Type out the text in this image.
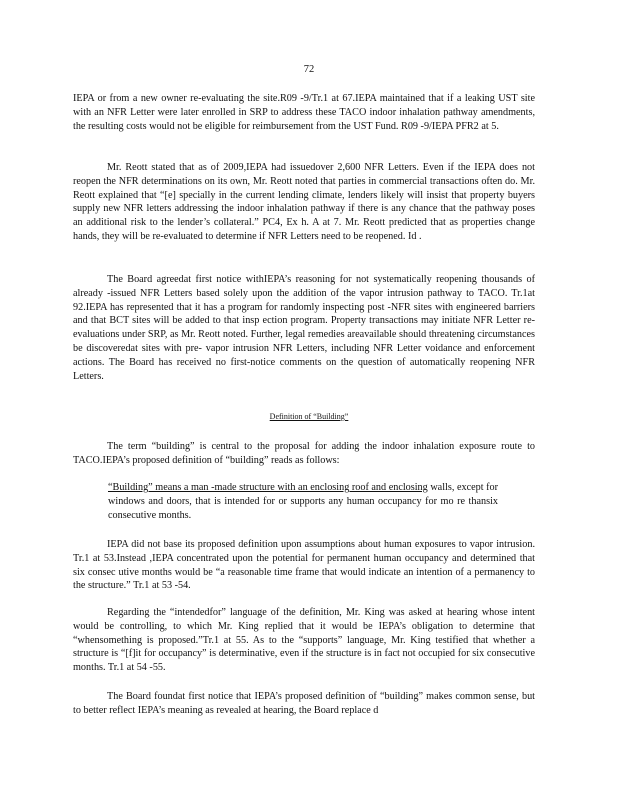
72
IEPA or from a new owner re-evaluating the site.R09 -9/Tr.1 at 67.IEPA maintained that if a leaking UST site with an NFR Letter were later enrolled in SRP to address these TACO indoor inhalation pathway amendments, the resulting costs would not be eligible for reimbursement from the UST Fund. R09 -9/IEPA PFR2 at 5.
Mr. Reott stated that as of 2009,IEPA had issuedover 2,600 NFR Letters. Even if the IEPA does not reopen the NFR determinations on its own, Mr. Reott noted that parties in commercial transactions often do. Mr. Reott explained that “[e] specially in the current lending climate, lenders likely will insist that property buyers supply new NFR letters addressing the indoor inhalation pathway if there is any chance that the pathway poses an additional risk to the lender’s collateral.” PC4, Ex h. A at 7. Mr. Reott predicted that as properties change hands, they will be re-evaluated to determine if NFR Letters need to be reopened. Id .
The Board agreedat first notice withIEPA’s reasoning for not systematically reopening thousands of already -issued NFR Letters based solely upon the addition of the vapor intrusion pathway to TACO. Tr.1at 92.IEPA has represented that it has a program for randomly inspecting post -NFR sites with engineered barriers and that BCT sites will be added to that insp ection program. Property transactions may initiate NFR Letter re-evaluations under SRP, as Mr. Reott noted. Further, legal remedies areavailable should threatening circumstances be discoveredat sites with pre- vapor intrusion NFR Letters, including NFR Letter voidance and enforcement actions. The Board has received no first-notice comments on the question of automatically reopening NFR Letters.
Definition of “Building”
The term “building” is central to the proposal for adding the indoor inhalation exposure route to TACO.IEPA’s proposed definition of “building” reads as follows:
“Building” means a man -made structure with an enclosing roof and enclosing walls, except for windows and doors, that is intended for or supports any human occupancy for mo re thansix consecutive months.
IEPA did not base its proposed definition upon assumptions about human exposures to vapor intrusion. Tr.1 at 53.Instead ,IEPA concentrated upon the potential for permanent human occupancy and determined that six consec utive months would be “a reasonable time frame that would indicate an intention of a permanency to the structure.” Tr.1 at 53 -54.
Regarding the “intendedfor” language of the definition, Mr. King was asked at hearing whose intent would be controlling, to which Mr. King replied that it would be IEPA’s obligation to determine that “whensomething is proposed.”Tr.1 at 55. As to the “supports” language, Mr. King testified that whether a structure is “[f]it for occupancy” is determinative, even if the structure is in fact not occupied for six consecutive months. Tr.1 at 54 -55.
The Board foundat first notice that IEPA’s proposed definition of “building” makes common sense, but to better reflect IEPA’s meaning as revealed at hearing, the Board replace d
